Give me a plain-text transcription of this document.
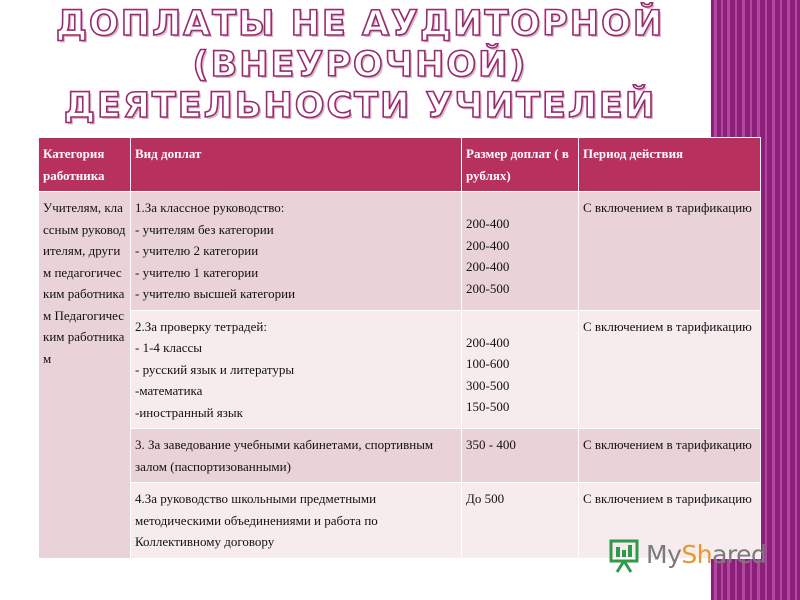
ДОПЛАТЫ НЕ АУДИТОРНОЙ (ВНЕУРОЧНОЙ) ДЕЯТЕЛЬНОСТИ УЧИТЕЛЕЙ
Категория работника	Вид доплат	Размер доплат ( в рублях)	Период действия
Учителям, классным руководителям, другим педагогическим работникам Педагогическим работникам	1.За классное руководство:
- учителям без категории
- учителю 2 категории
- учителю 1 категории
- учителю высшей категории	200-400
200-400
200-400
200-500	С включением в тарификацию
	2.За проверку тетрадей:
- 1-4 классы
- русский язык и литературы
-математика
-иностранный язык	200-400
100-600
300-500
150-500	С включением в тарификацию
	3. За заведование учебными кабинетами, спортивным залом (паспортизованными)	350 - 400	С включением в тарификацию
	4.За руководство школьными предметными методическими объединениями и работа по Коллективному договору	До 500	С включением в тарификацию
MyShared
